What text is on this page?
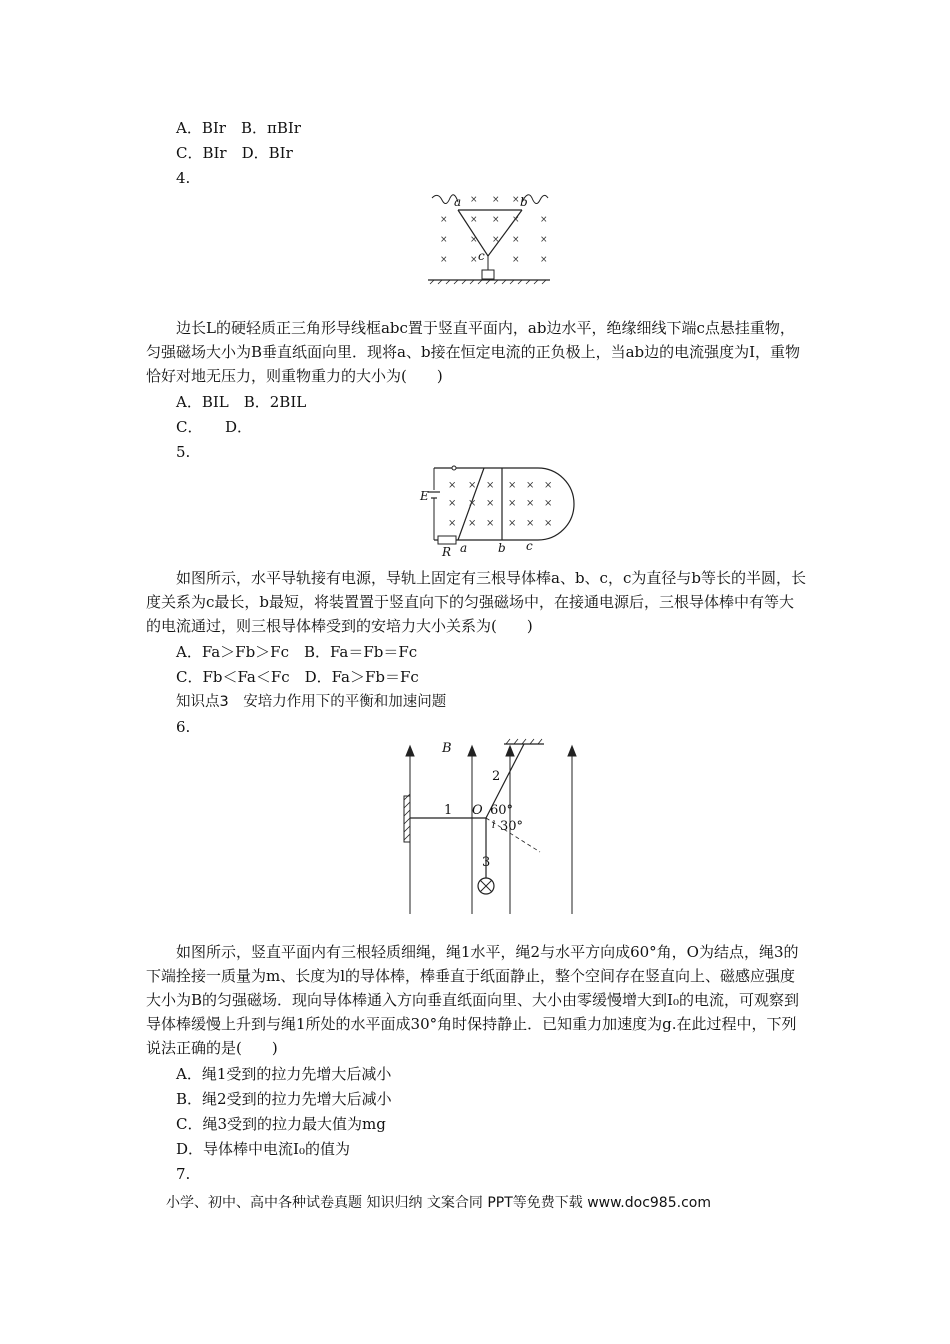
A．BIr　B．πBIr
C．BIr　D．BIr
4.
× × ×
× × × × ×
× × × × ×
× ×	× ×
a	b
c
边长L的硬轻质正三角形导线框abc置于竖直平面内，ab边水平，绝缘细线下端c点悬挂重物，匀强磁场大小为B垂直纸面向里．现将a、b接在恒定电流的正负极上，当ab边的电流强度为I，重物恰好对地无压力，则重物重力的大小为(　　)
A．BIL　B．2BIL
C．　　D．
5.
× × × × × ×
× × × × × ×
× × × × × ×
E
R a	b c
如图所示，水平导轨接有电源，导轨上固定有三根导体棒a、b、c，c为直径与b等长的半圆，长度关系为c最长，b最短，将装置置于竖直向下的匀强磁场中，在接通电源后，三根导体棒中有等大的电流通过，则三根导体棒受到的安培力大小关系为(　　)
A．Fa＞Fb＞Fc　B．Fa＝Fb＝Fc
C．Fb＜Fa＜Fc　D．Fa＞Fb＝Fc
知识点3　安培力作用下的平衡和加速问题
6.
B
1
2
3
O 60°
30°
l
如图所示，竖直平面内有三根轻质细绳，绳1水平，绳2与水平方向成60°角，O为结点，绳3的下端拴接一质量为m、长度为l的导体棒，棒垂直于纸面静止，整个空间存在竖直向上、磁感应强度大小为B的匀强磁场．现向导体棒通入方向垂直纸面向里、大小由零缓慢增大到I₀的电流，可观察到导体棒缓慢上升到与绳1所处的水平面成30°角时保持静止．已知重力加速度为g.在此过程中，下列说法正确的是(　　)
A．绳1受到的拉力先增大后减小
B．绳2受到的拉力先增大后减小
C．绳3受到的拉力最大值为mg
D．导体棒中电流I₀的值为
7.
小学、初中、高中各种试卷真题 知识归纳 文案合同 PPT等免费下载 www.doc985.com
